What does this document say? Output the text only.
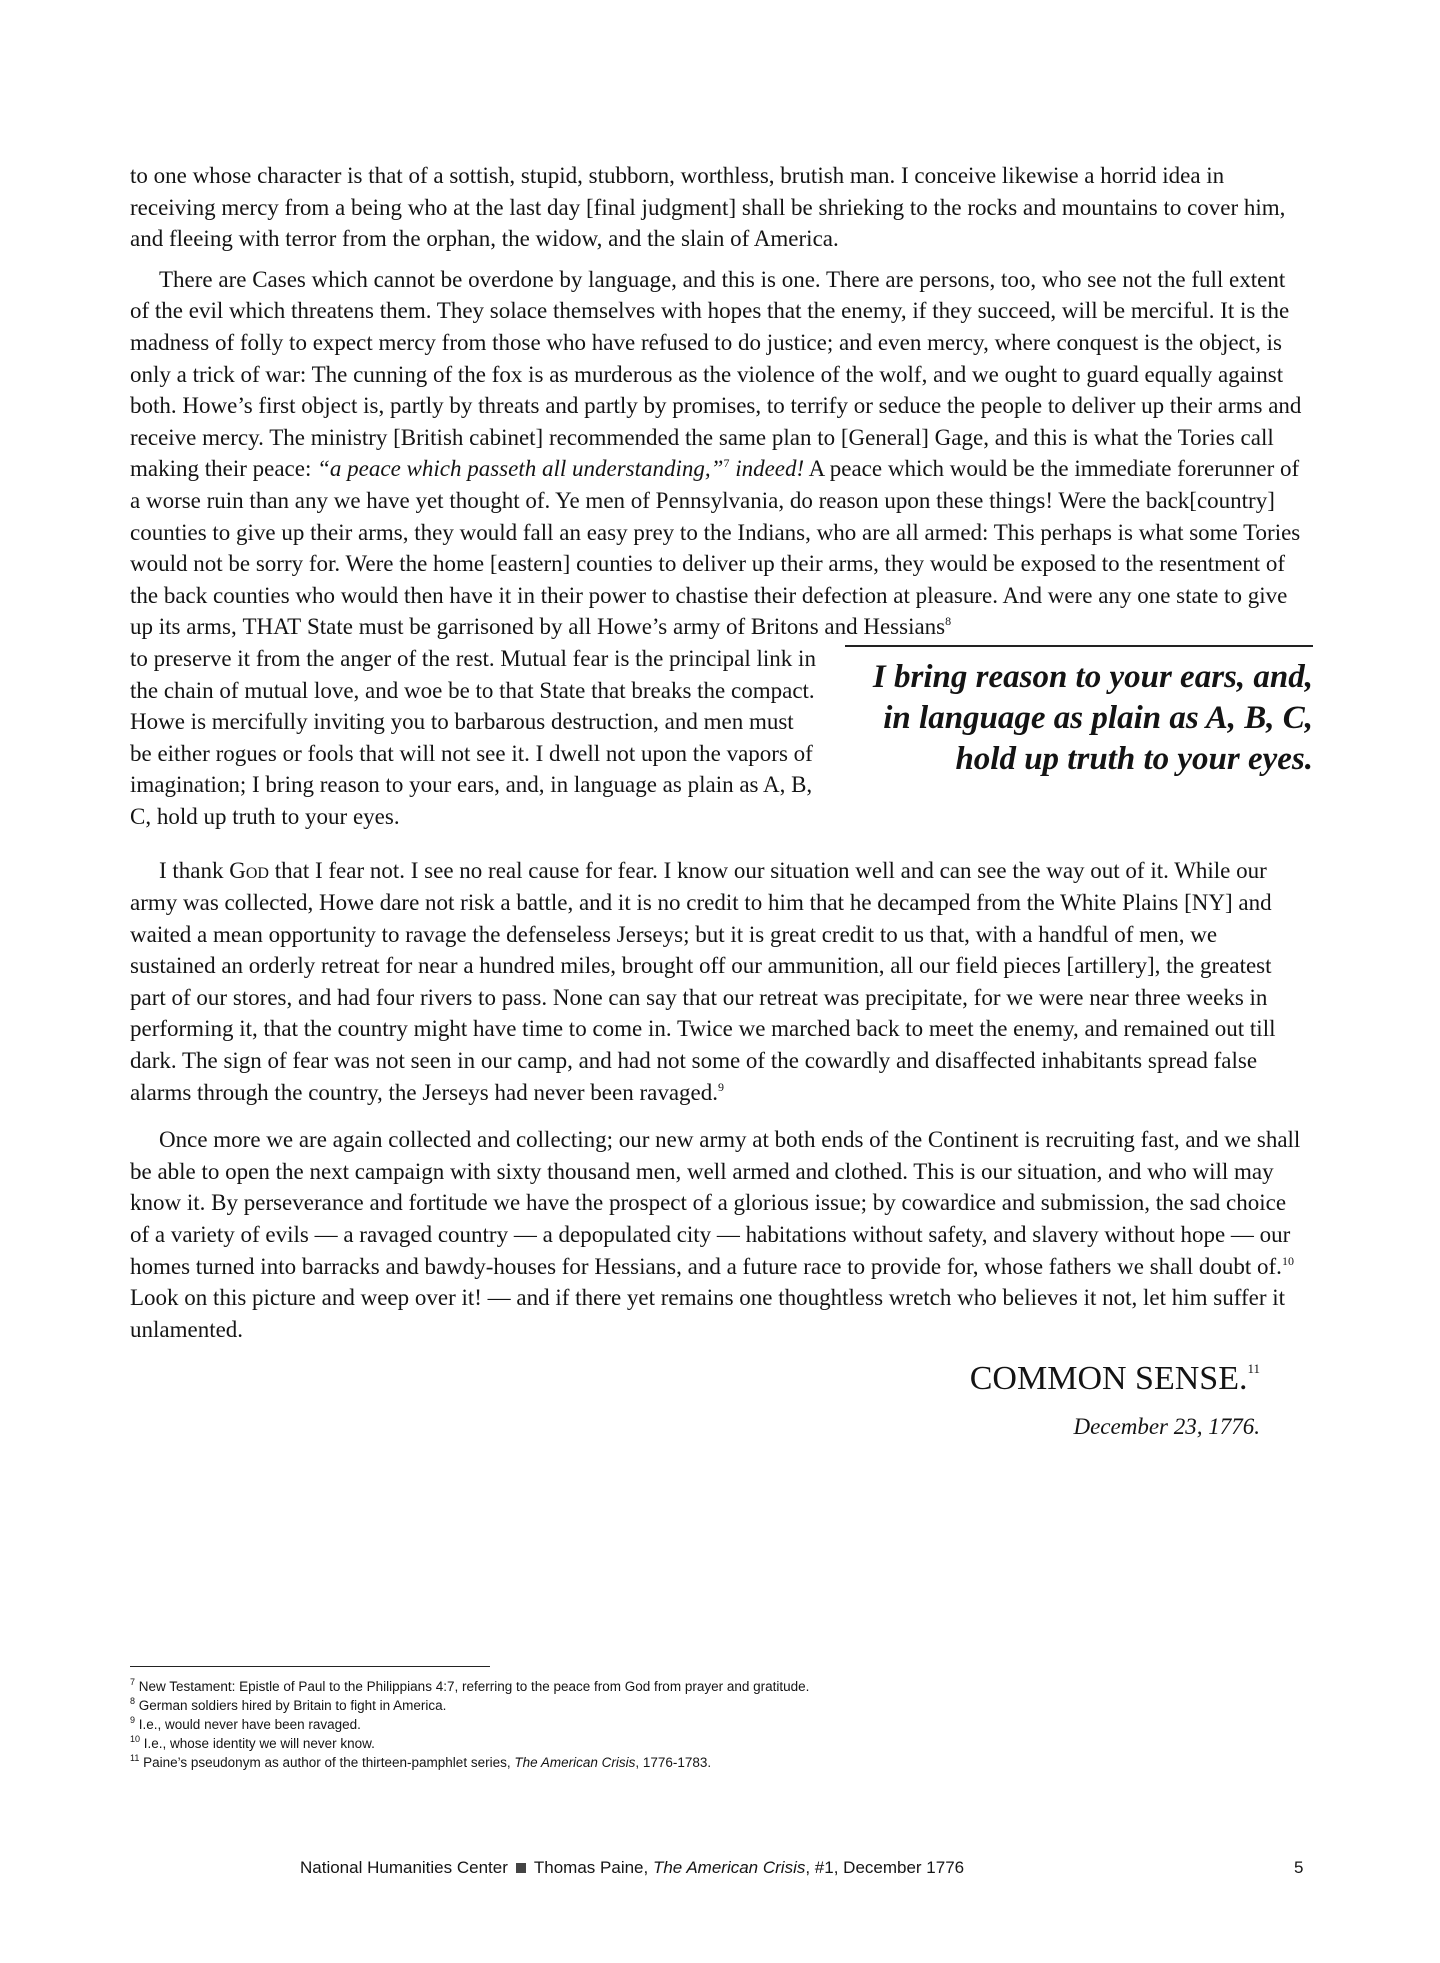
to one whose character is that of a sottish, stupid, stubborn, worthless, brutish man. I conceive likewise a horrid idea in receiving mercy from a being who at the last day [final judgment] shall be shrieking to the rocks and mountains to cover him, and fleeing with terror from the orphan, the widow, and the slain of America.

There are Cases which cannot be overdone by language, and this is one. There are persons, too, who see not the full extent of the evil which threatens them. They solace themselves with hopes that the enemy, if they succeed, will be merciful. It is the madness of folly to expect mercy from those who have refused to do justice; and even mercy, where conquest is the object, is only a trick of war: The cunning of the fox is as murderous as the violence of the wolf, and we ought to guard equally against both. Howe’s first object is, partly by threats and partly by promises, to terrify or seduce the people to deliver up their arms and receive mercy. The ministry [British cabinet] recommended the same plan to [General] Gage, and this is what the Tories call making their peace: “a peace which passeth all understanding,”$^7$ indeed! A peace which would be the immediate forerunner of a worse ruin than any we have yet thought of. Ye men of Pennsylvania, do reason upon these things! Were the back[country] counties to give up their arms, they would fall an easy prey to the Indians, who are all armed: This perhaps is what some Tories would not be sorry for. Were the home [eastern] counties to deliver up their arms, they would be exposed to the resentment of the back counties who would then have it in their power to chastise their defection at pleasure. And were any one state to give up its arms, THAT State must be garrisoned by all Howe’s army of Britons and Hessians$^8$

I bring reason to your ears, and, in language as plain as A, B, C, hold up truth to your eyes.

to preserve it from the anger of the rest. Mutual fear is the principal link in the chain of mutual love, and woe be to that State that breaks the compact. Howe is mercifully inviting you to barbarous destruction, and men must be either rogues or fools that will not see it. I dwell not upon the vapors of imagination; I bring reason to your ears, and, in language as plain as A, B, C, hold up truth to your eyes.

I thank God that I fear not. I see no real cause for fear. I know our situation well and can see the way out of it. While our army was collected, Howe dare not risk a battle, and it is no credit to him that he decamped from the White Plains [NY] and waited a mean opportunity to ravage the defenseless Jerseys; but it is great credit to us that, with a handful of men, we sustained an orderly retreat for near a hundred miles, brought off our ammunition, all our field pieces [artillery], the greatest part of our stores, and had four rivers to pass. None can say that our retreat was precipitate, for we were near three weeks in performing it, that the country might have time to come in. Twice we marched back to meet the enemy, and remained out till dark. The sign of fear was not seen in our camp, and had not some of the cowardly and disaffected inhabitants spread false alarms through the country, the Jerseys had never been ravaged.$^9$

Once more we are again collected and collecting; our new army at both ends of the Continent is recruiting fast, and we shall be able to open the next campaign with sixty thousand men, well armed and clothed. This is our situation, and who will may know it. By perseverance and fortitude we have the prospect of a glorious issue; by cowardice and submission, the sad choice of a variety of evils — a ravaged country — a depopulated city — habitations without safety, and slavery without hope — our homes turned into barracks and bawdy-houses for Hessians, and a future race to provide for, whose fathers we shall doubt of.$^{10}$ Look on this picture and weep over it! — and if there yet remains one thoughtless wretch who believes it not, let him suffer it unlamented.

COMMON SENSE.$^{11}$
December 23, 1776.

$^7$ New Testament: Epistle of Paul to the Philippians 4:7, referring to the peace from God from prayer and gratitude.

$^8$ German soldiers hired by Britain to fight in America.

$^9$ I.e., would never have been ravaged.

$^{10}$ I.e., whose identity we will never know.

$^{11}$ Paine’s pseudonym as author of the thirteen-pamphlet series, The American Crisis, 1776-1783.

National Humanities Center Thomas Paine, The American Crisis, #1, December 1776	5
